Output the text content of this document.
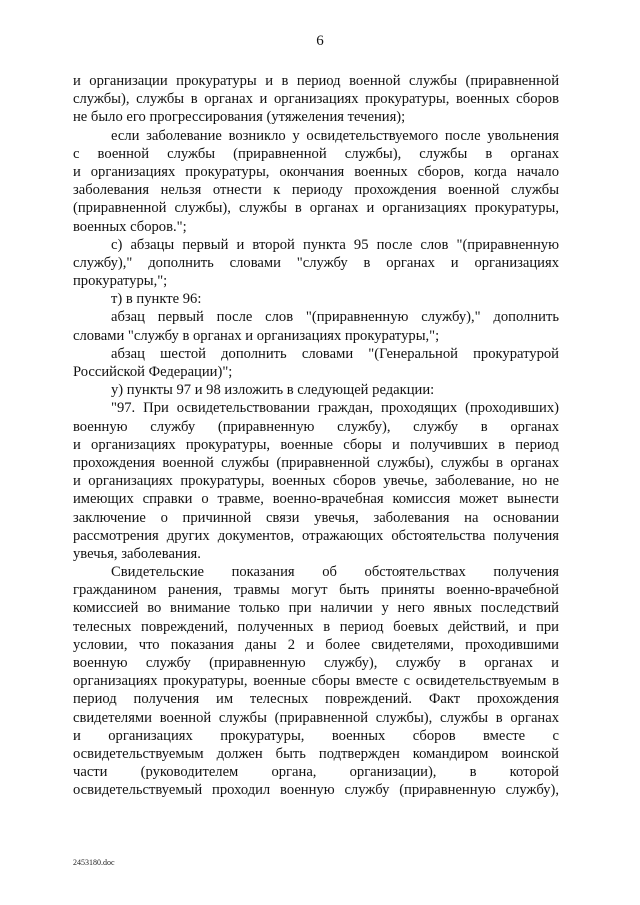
6
и организации прокуратуры и в период военной службы (приравненной
службы), службы в органах и организациях прокуратуры, военных сборов
не было его прогрессирования (утяжеления течения);
если заболевание возникло у освидетельствуемого после увольнения
с военной службы (приравненной службы), службы в органах
и организациях прокуратуры, окончания военных сборов, когда начало
заболевания нельзя отнести к периоду прохождения военной службы
(приравненной службы), службы в органах и организациях прокуратуры,
военных сборов.";
с) абзацы первый и второй пункта 95 после слов "(приравненную
службу)," дополнить словами "службу в органах и организациях
прокуратуры,";
т) в пункте 96:
абзац первый после слов "(приравненную службу)," дополнить
словами "службу в органах и организациях прокуратуры,";
абзац шестой дополнить словами "(Генеральной прокуратурой
Российской Федерации)";
у) пункты 97 и 98 изложить в следующей редакции:
"97. При освидетельствовании граждан, проходящих (проходивших)
военную службу (приравненную службу), службу в органах
и организациях прокуратуры, военные сборы и получивших в период
прохождения военной службы (приравненной службы), службы в органах
и организациях прокуратуры, военных сборов увечье, заболевание, но не
имеющих справки о травме, военно-врачебная комиссия может вынести
заключение о причинной связи увечья, заболевания на основании
рассмотрения других документов, отражающих обстоятельства получения
увечья, заболевания.
Свидетельские показания об обстоятельствах получения
гражданином ранения, травмы могут быть приняты военно-врачебной
комиссией во внимание только при наличии у него явных последствий
телесных повреждений, полученных в период боевых действий, и при
условии, что показания даны 2 и более свидетелями, проходившими
военную службу (приравненную службу), службу в органах и
организациях прокуратуры, военные сборы вместе с освидетельствуемым в
период получения им телесных повреждений. Факт прохождения
свидетелями военной службы (приравненной службы), службы в органах
и организациях прокуратуры, военных сборов вместе с
освидетельствуемым должен быть подтвержден командиром воинской
части (руководителем органа, организации), в которой
освидетельствуемый проходил военную службу (приравненную службу),
2453180.doc
